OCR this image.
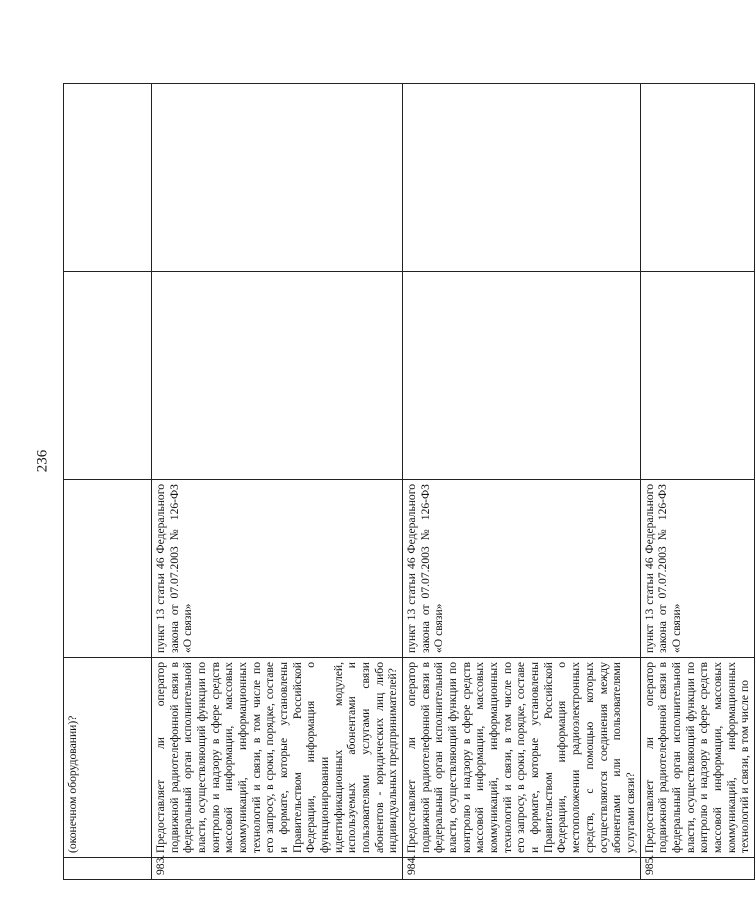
236
	(оконечном оборудовании)?			
983.	Предоставляет ли оператор подвижной радиотелефонной связи в федеральный орган исполнительной власти, осуществляющий функции по контролю и надзору в сфере средств массовой информации, массовых коммуникаций, информационных технологий и связи, в том числе по его запросу, в сроки, порядке, составе и формате, которые установлены Правительством Российской Федерации, информация о функционировании идентификационных модулей, используемых абонентами и пользователями услугами связи абонентов - юридических лиц либо индивидуальных предпринимателей?	пункт 13 статьи 46 Федерального закона от 07.07.2003 № 126-ФЗ «О связи»		
984.	Предоставляет ли оператор подвижной радиотелефонной связи в федеральный орган исполнительной власти, осуществляющий функции по контролю и надзору в сфере средств массовой информации, массовых коммуникаций, информационных технологий и связи, в том числе по его запросу, в сроки, порядке, составе и формате, которые установлены Правительством Российской Федерации, информация о местоположении радиоэлектронных средств, с помощью которых осуществляются соединения между абонентами или пользователями услугами связи?	пункт 13 статьи 46 Федерального закона от 07.07.2003 № 126-ФЗ «О связи»		
985.	Предоставляет ли оператор подвижной радиотелефонной связи в федеральный орган исполнительной власти, осуществляющий функции по контролю и надзору в сфере средств массовой информации, массовых коммуникаций, информационных технологий и связи, в том числе по	пункт 13 статьи 46 Федерального закона от 07.07.2003 № 126-ФЗ «О связи»		
